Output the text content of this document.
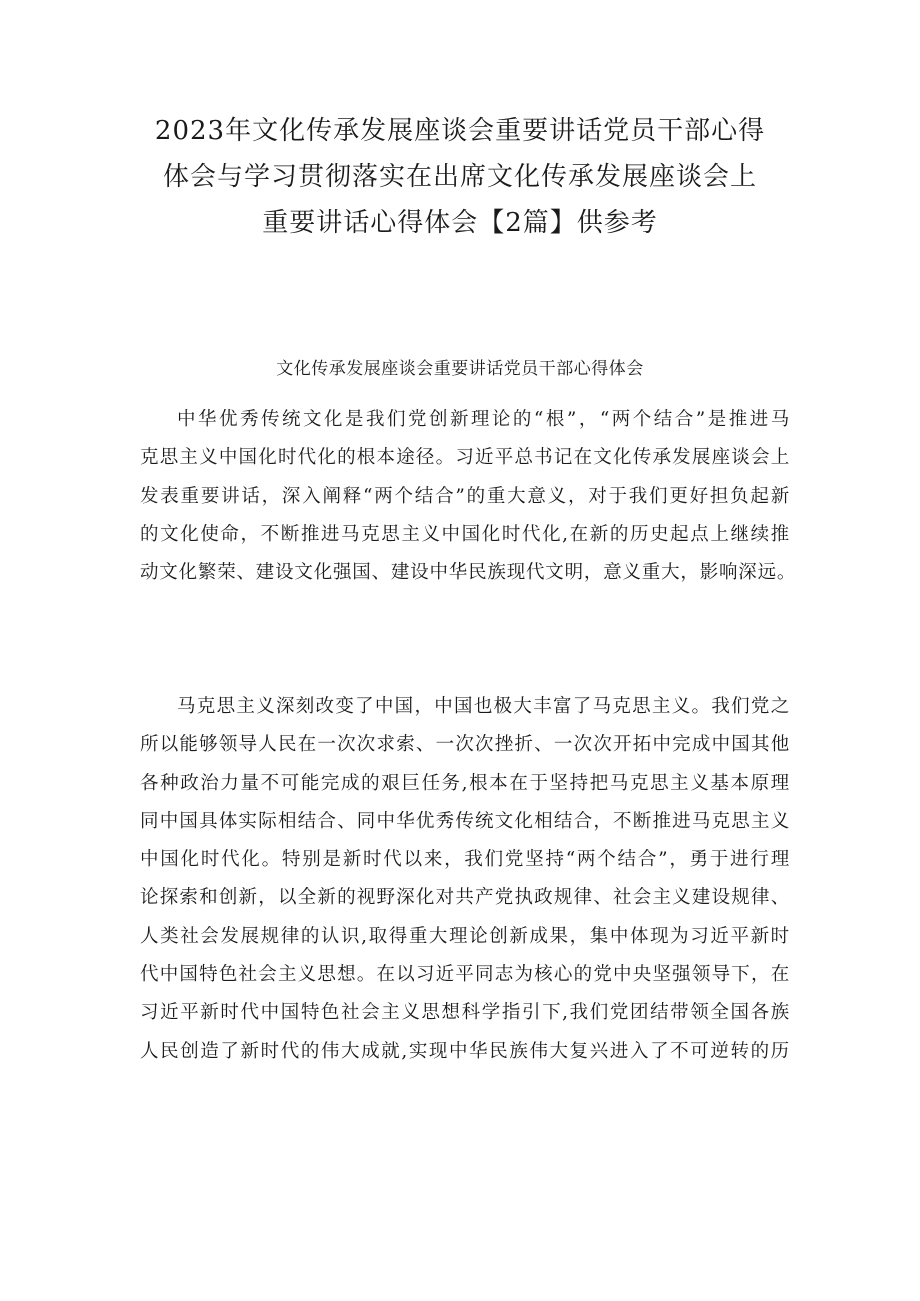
2023年文化传承发展座谈会重要讲话党员干部心得
体会与学习贯彻落实在出席文化传承发展座谈会上
重要讲话心得体会【2篇】供参考
文化传承发展座谈会重要讲话党员干部心得体会
中华优秀传统文化是我们党创新理论的“根”，“两个结合”是推进马
克思主义中国化时代化的根本途径。习近平总书记在文化传承发展座谈会上
发表重要讲话，深入阐释“两个结合”的重大意义，对于我们更好担负起新
的文化使命，不断推进马克思主义中国化时代化,在新的历史起点上继续推
动文化繁荣、建设文化强国、建设中华民族现代文明，意义重大，影响深远。
马克思主义深刻改变了中国，中国也极大丰富了马克思主义。我们党之
所以能够领导人民在一次次求索、一次次挫折、一次次开拓中完成中国其他
各种政治力量不可能完成的艰巨任务,根本在于坚持把马克思主义基本原理
同中国具体实际相结合、同中华优秀传统文化相结合，不断推进马克思主义
中国化时代化。特别是新时代以来，我们党坚持“两个结合”，勇于进行理
论探索和创新，以全新的视野深化对共产党执政规律、社会主义建设规律、
人类社会发展规律的认识,取得重大理论创新成果，集中体现为习近平新时
代中国特色社会主义思想。在以习近平同志为核心的党中央坚强领导下，在
习近平新时代中国特色社会主义思想科学指引下,我们党团结带领全国各族
人民创造了新时代的伟大成就,实现中华民族伟大复兴进入了不可逆转的历
